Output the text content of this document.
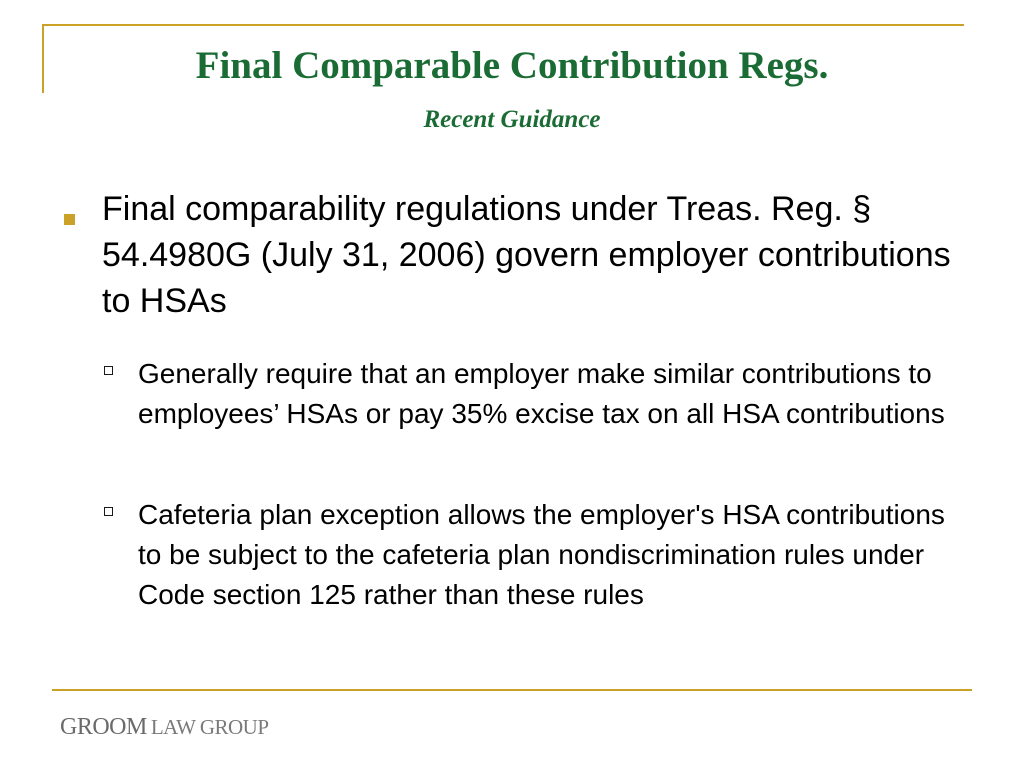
Final Comparable Contribution Regs.
Recent Guidance
Final comparability regulations under Treas. Reg. § 54.4980G (July 31, 2006) govern employer contributions to HSAs
Generally require that an employer make similar contributions to employees’ HSAs or pay 35% excise tax on all HSA contributions
Cafeteria plan exception allows the employer's HSA contributions to be subject to the cafeteria plan nondiscrimination rules under Code section 125 rather than these rules
GROOM LAW GROUP
